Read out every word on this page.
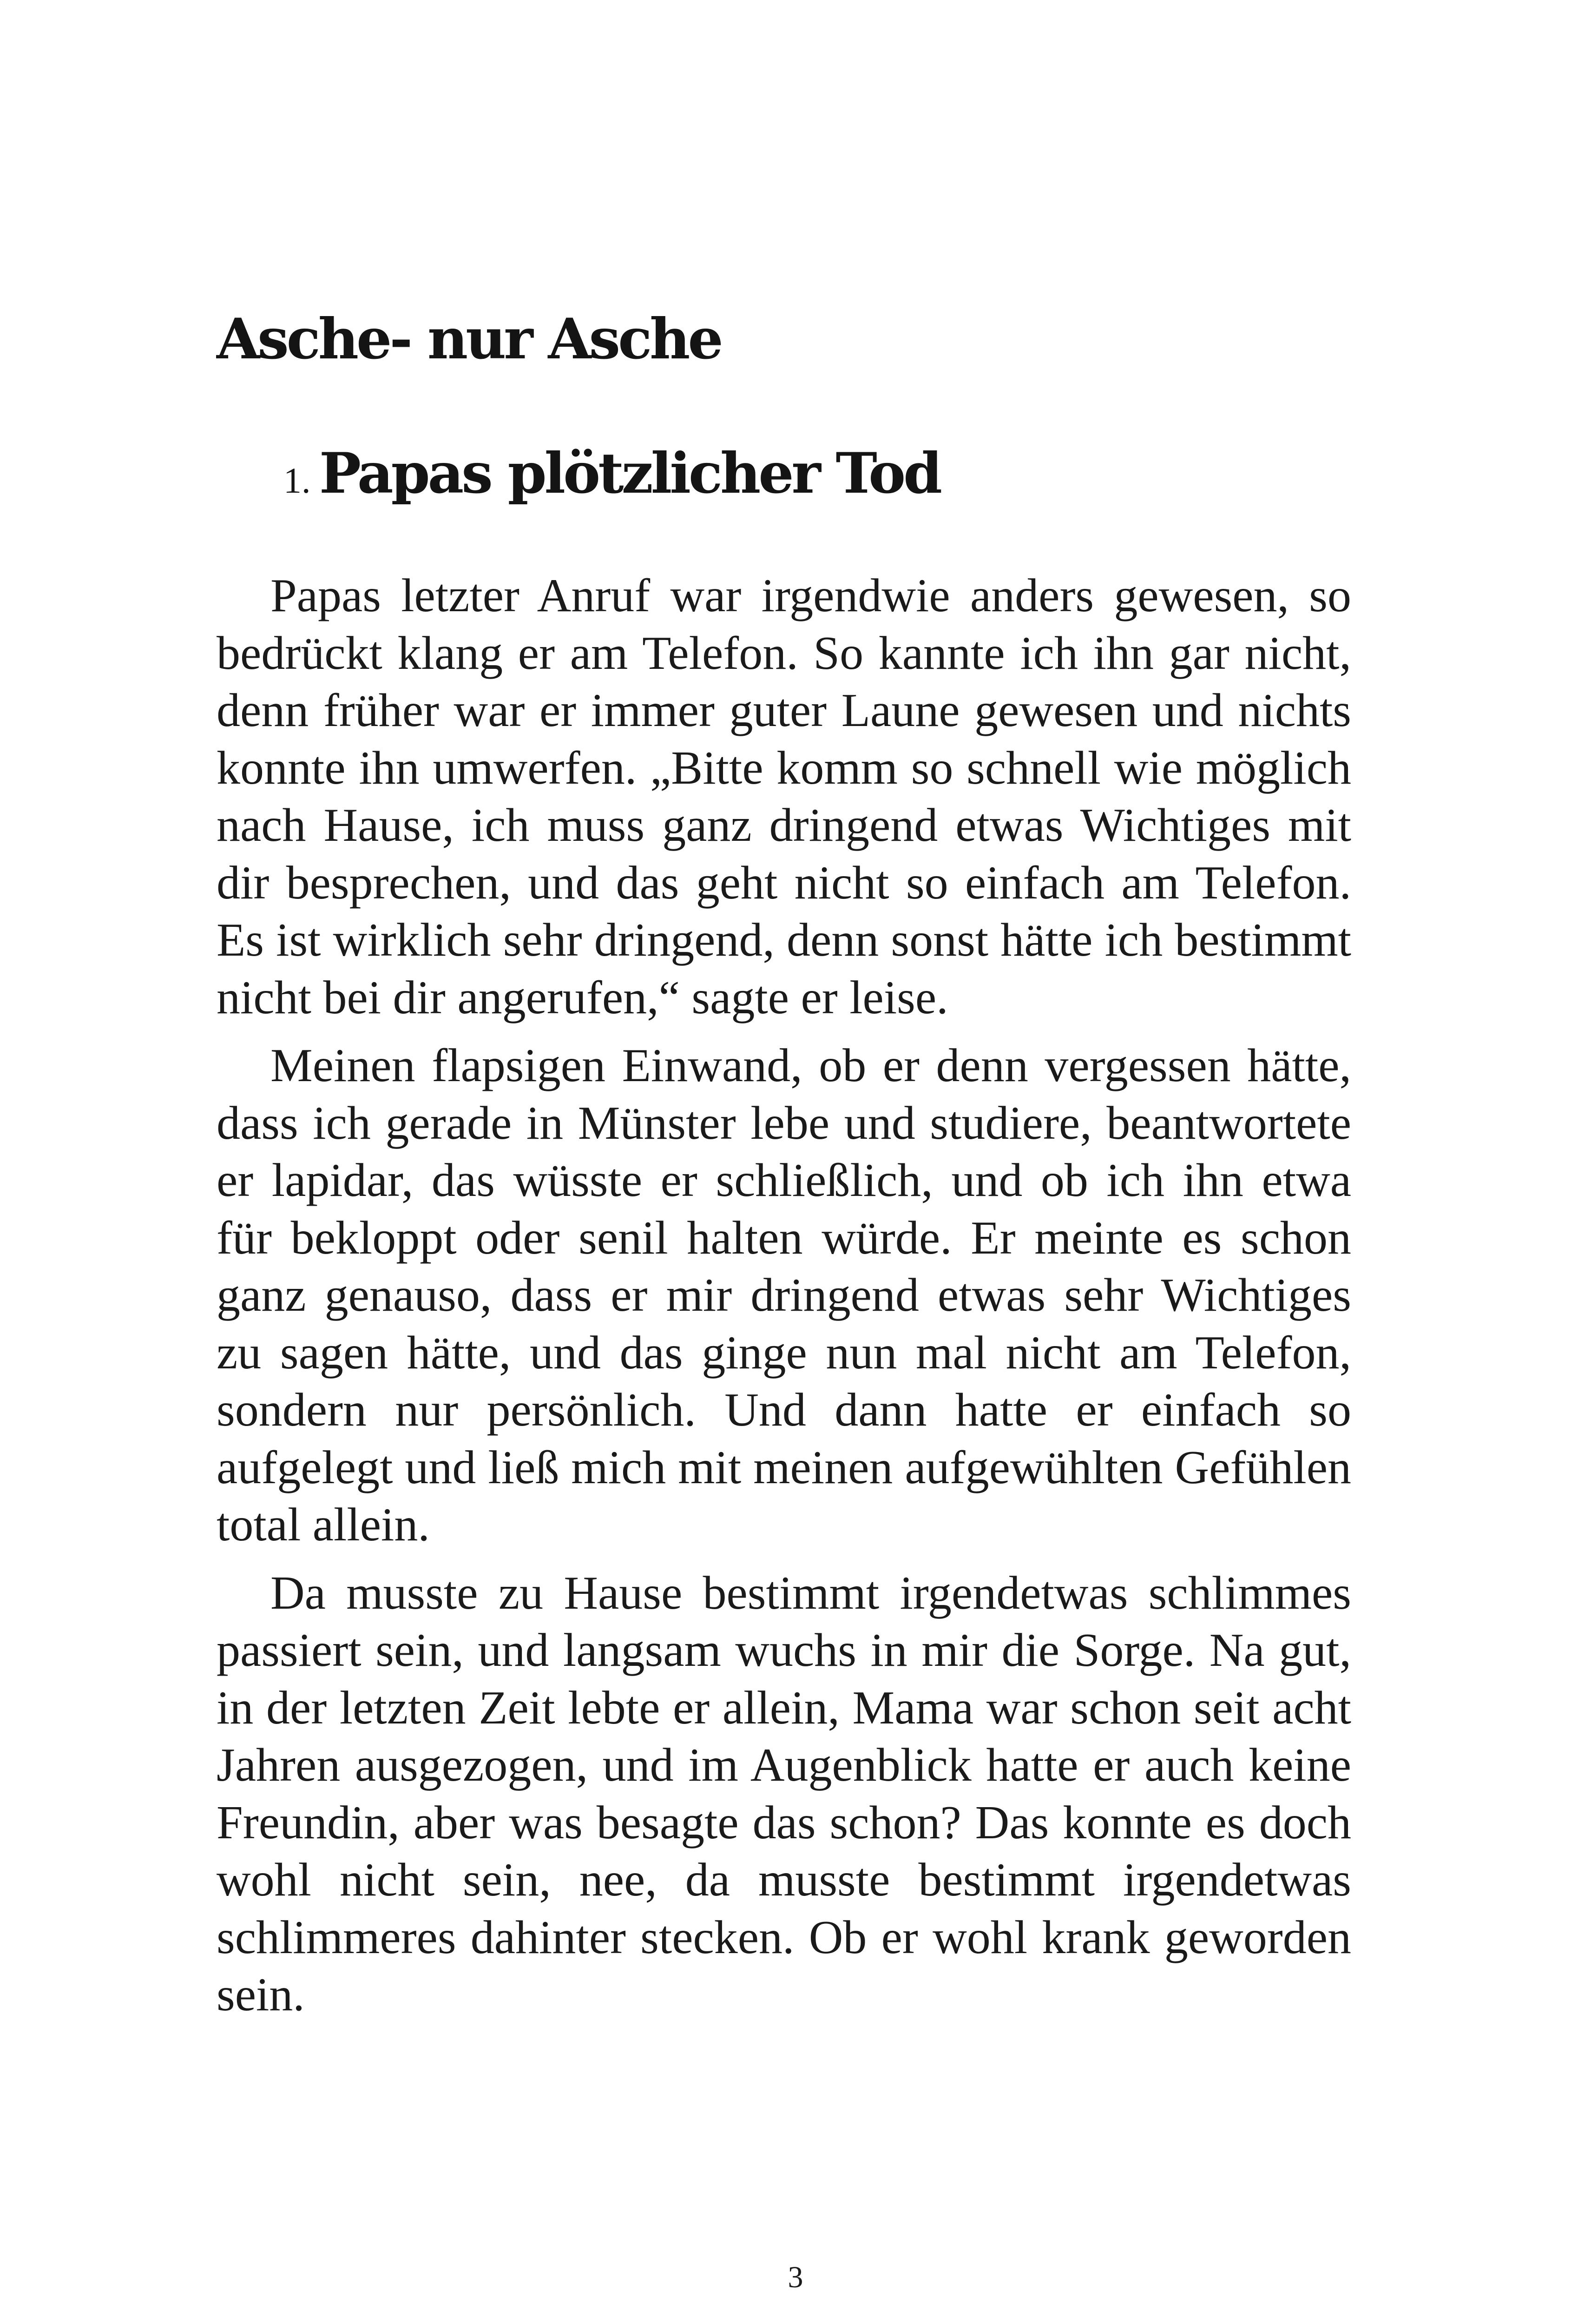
Asche- nur Asche
1. Papas plötzlicher Tod

Papas letzter Anruf war irgendwie anders gewesen, so bedrückt klang er am Telefon. So kannte ich ihn gar nicht, denn früher war er immer guter Laune gewesen und nichts konnte ihn umwerfen. „Bitte komm so schnell wie möglich nach Hause, ich muss ganz dringend etwas Wichtiges mit dir besprechen, und das geht nicht so einfach am Telefon. Es ist wirklich sehr dringend, denn sonst hätte ich bestimmt nicht bei dir angerufen,“ sagte er leise.

Meinen flapsigen Einwand, ob er denn vergessen hätte, dass ich gerade in Münster lebe und studiere, beantwortete er lapidar, das wüsste er schließlich, und ob ich ihn etwa für bekloppt oder senil halten würde. Er meinte es schon ganz genauso, dass er mir dringend etwas sehr Wichtiges zu sagen hätte, und das ginge nun mal nicht am Telefon, sondern nur persönlich. Und dann hatte er einfach so aufgelegt und ließ mich mit meinen aufgewühlten Gefühlen total allein.

Da musste zu Hause bestimmt irgendetwas schlimmes passiert sein, und langsam wuchs in mir die Sorge. Na gut, in der letzten Zeit lebte er allein, Mama war schon seit acht Jahren ausgezogen, und im Augenblick hatte er auch keine Freundin, aber was besagte das schon? Das konnte es doch wohl nicht sein, nee, da musste bestimmt irgendetwas schlimmeres dahinter stecken. Ob er wohl krank geworden sein.

3
